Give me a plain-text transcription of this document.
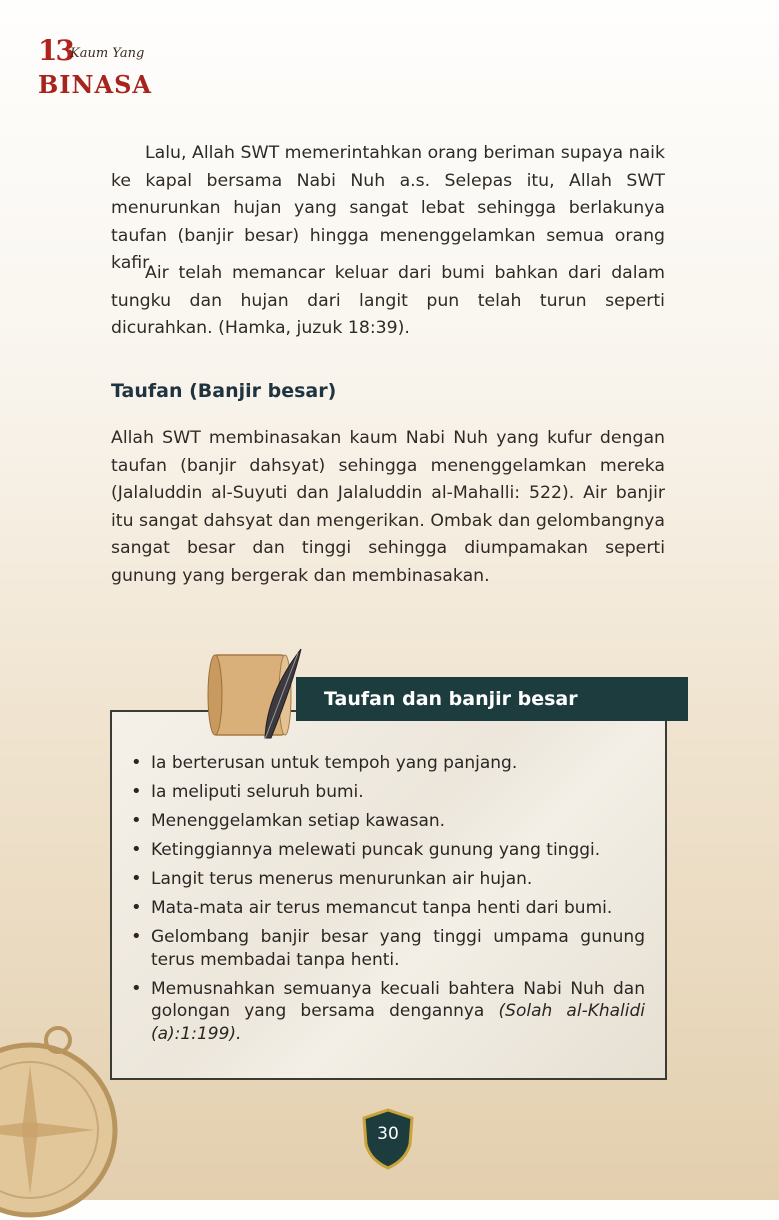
13
Kaum Yang
BINASA

Lalu, Allah SWT memerintahkan orang beriman supaya naik ke kapal bersama Nabi Nuh a.s. Selepas itu, Allah SWT menurunkan hujan yang sangat lebat sehingga berlakunya taufan (banjir besar) hingga menenggelamkan semua orang kafir.

Air telah memancar keluar dari bumi bahkan dari dalam tungku dan hujan dari langit pun telah turun seperti dicurahkan. (Hamka, juzuk 18:39).

Taufan (Banjir besar)

Allah SWT membinasakan kaum Nabi Nuh yang kufur dengan taufan (banjir dahsyat) sehingga menenggelamkan mereka (Jalaluddin al-Suyuti dan Jalaluddin al-Mahalli: 522). Air banjir itu sangat dahsyat dan mengerikan. Ombak dan gelombangnya sangat besar dan tinggi sehingga diumpamakan seperti gunung yang bergerak dan membinasakan.

Taufan dan banjir besar
• Ia berterusan untuk tempoh yang panjang.
• Ia meliputi seluruh bumi.
• Menenggelamkan setiap kawasan.
• Ketinggiannya melewati puncak gunung yang tinggi.
• Langit terus menerus menurunkan air hujan.
• Mata-mata air terus memancut tanpa henti dari bumi.
• Gelombang banjir besar yang tinggi umpama gunung terus membadai tanpa henti.
• Memusnahkan semuanya kecuali bahtera Nabi Nuh dan golongan yang bersama dengannya (Solah al-Khalidi (a):1:199).
30
